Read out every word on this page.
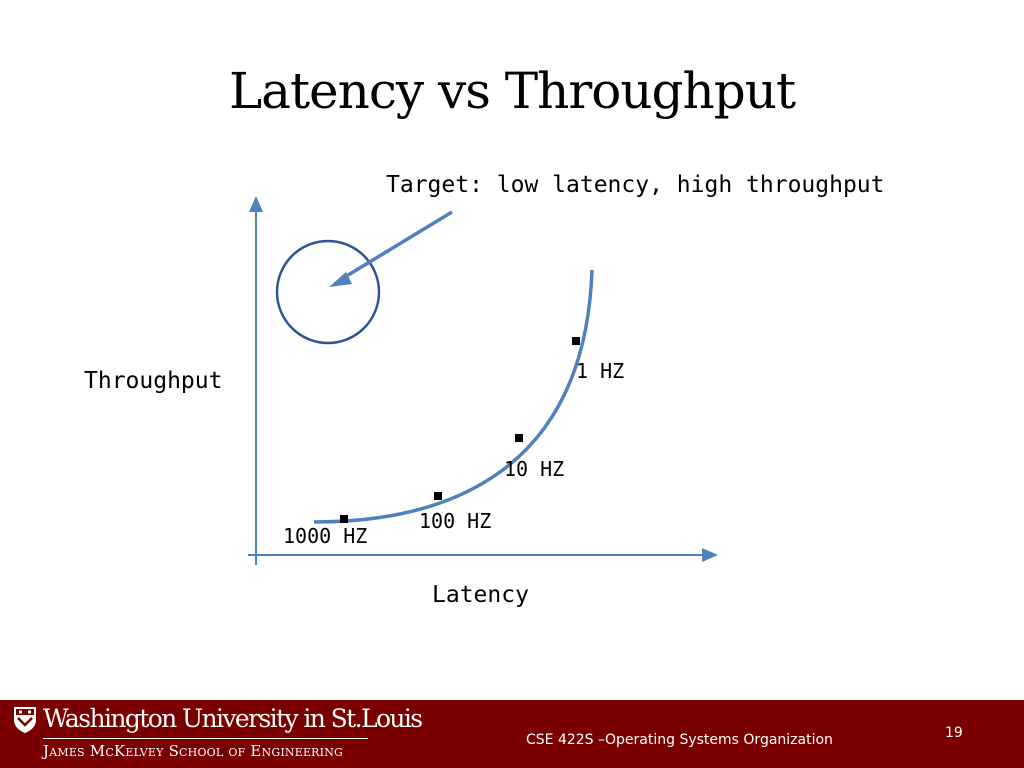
Latency vs Throughput
Target: low latency, high throughput
Throughput
Latency
1 HZ
10 HZ
100 HZ
1000 HZ
Washington University in St.Louis
James McKelvey School of Engineering
CSE 422S –Operating Systems Organization	19
